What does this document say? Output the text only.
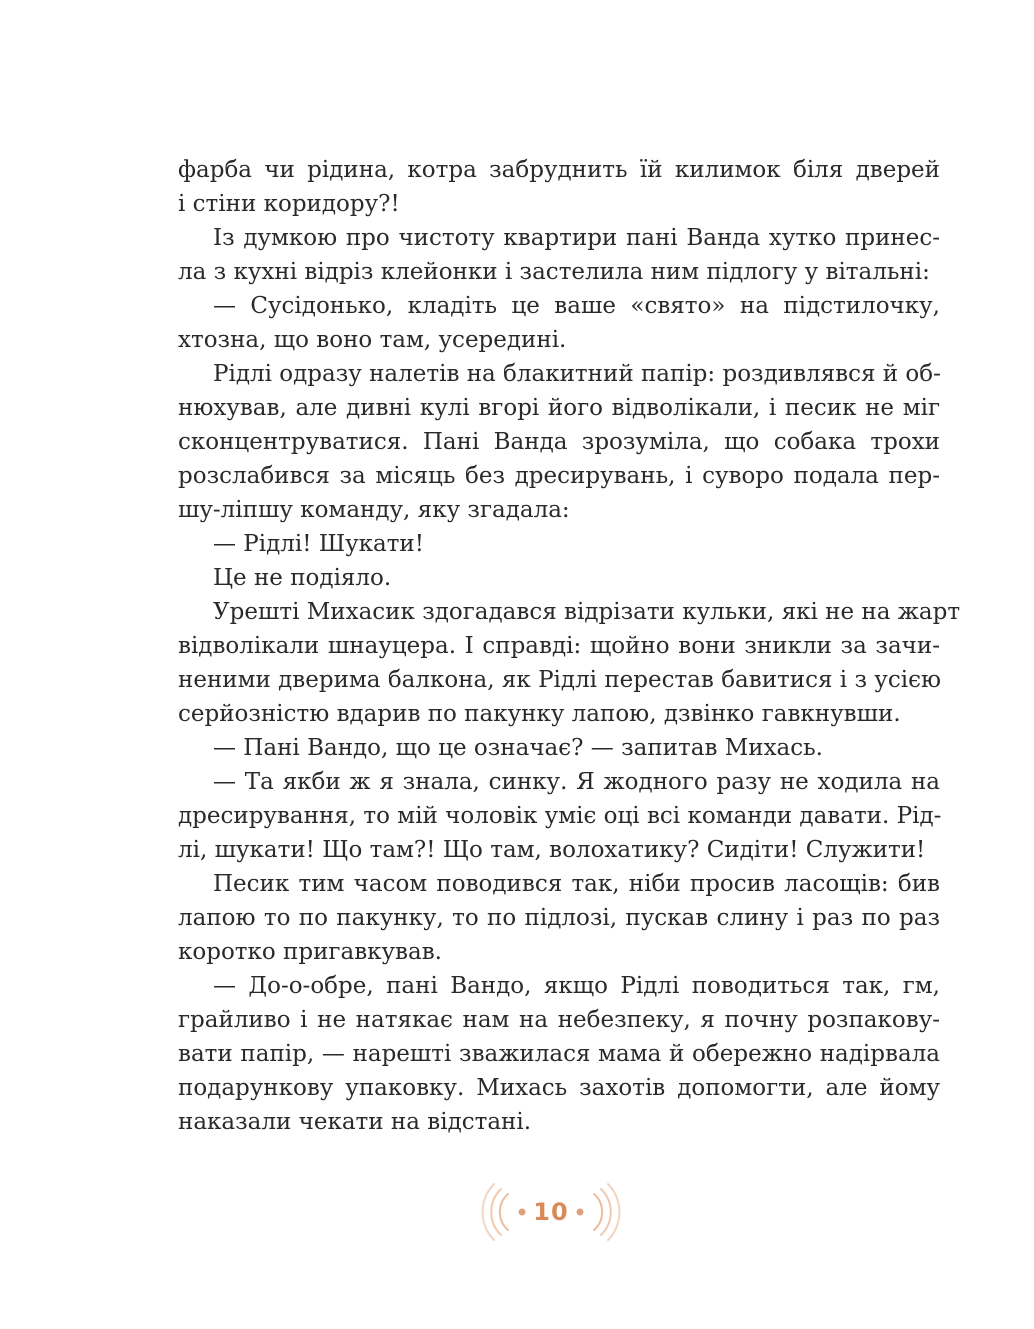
фарба чи рідина, котра забруднить їй килимок біля дверей
і стіни коридору?!
Із думкою про чистоту квартири пані Ванда хутко принес-
ла з кухні відріз клейонки і застелила ним підлогу у вітальні:
— Сусідонько, кладіть це ваше «свято» на підстилочку,
хтозна, що воно там, усередині.
Рідлі одразу налетів на блакитний папір: роздивлявся й об-
нюхував, але дивні кулі вгорі його відволікали, і песик не міг
сконцентруватися. Пані Ванда зрозуміла, що собака трохи
розслабився за місяць без дресирувань, і суворо подала пер-
шу-ліпшу команду, яку згадала:
— Рідлі! Шукати!
Це не подіяло.
Урешті Михасик здогадався відрізати кульки, які не на жарт
відволікали шнауцера. І справді: щойно вони зникли за зачи-
неними дверима балкона, як Рідлі перестав бавитися і з усією
серйозністю вдарив по пакунку лапою, дзвінко гавкнувши.
— Пані Вандо, що це означає? — запитав Михась.
— Та якби ж я знала, синку. Я жодного разу не ходила на
дресирування, то мій чоловік уміє оці всі команди давати. Рід-
лі, шукати! Що там?! Що там, волохатику? Сидіти! Служити!
Песик тим часом поводився так, ніби просив ласощів: бив
лапою то по пакунку, то по підлозі, пускав слину і раз по раз
коротко пригавкував.
— До-о-обре, пані Вандо, якщо Рідлі поводиться так, гм,
грайливо і не натякає нам на небезпеку, я почну розпакову-
вати папір, — нарешті зважилася мама й обережно надірвала
подарункову упаковку. Михась захотів допомогти, але йому
наказали чекати на відстані.
10
